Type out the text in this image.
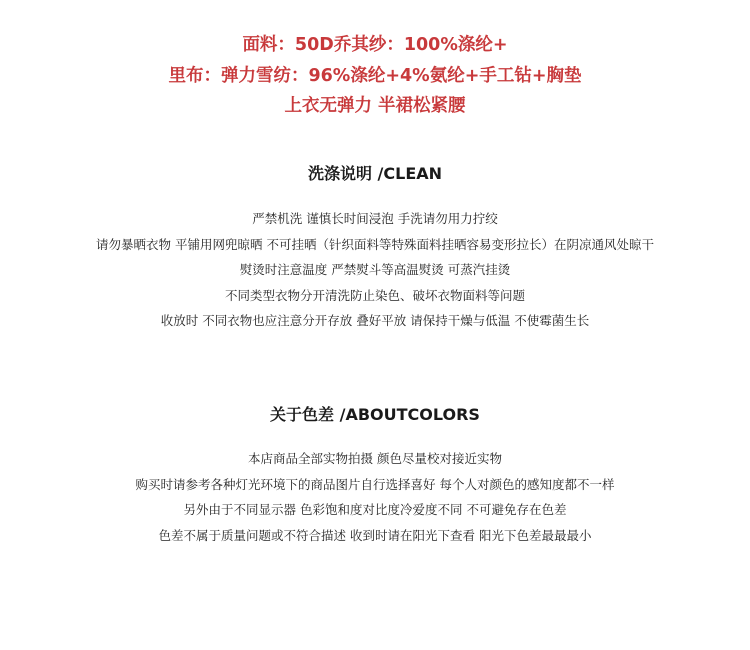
面料：50D乔其纱：100%涤纶+
里布：弹力雪纺：96%涤纶+4%氨纶+手工钻+胸垫
上衣无弹力 半裙松紧腰
洗涤说明 /CLEAN
严禁机洗 谨慎长时间浸泡 手洗请勿用力拧绞
请勿暴晒衣物 平铺用网兜晾晒 不可挂晒（针织面料等特殊面料挂晒容易变形拉长）在阴凉通风处晾干
熨烫时注意温度 严禁熨斗等高温熨烫 可蒸汽挂烫
不同类型衣物分开清洗防止染色、破坏衣物面料等问题
收放时 不同衣物也应注意分开存放 叠好平放 请保持干燥与低温 不使霉菌生长
关于色差 /ABOUTCOLORS
本店商品全部实物拍摄 颜色尽量校对接近实物
购买时请参考各种灯光环境下的商品图片自行选择喜好 每个人对颜色的感知度都不一样
另外由于不同显示器 色彩饱和度对比度冷爱度不同 不可避免存在色差
色差不属于质量问题或不符合描述 收到时请在阳光下查看 阳光下色差最最最小
